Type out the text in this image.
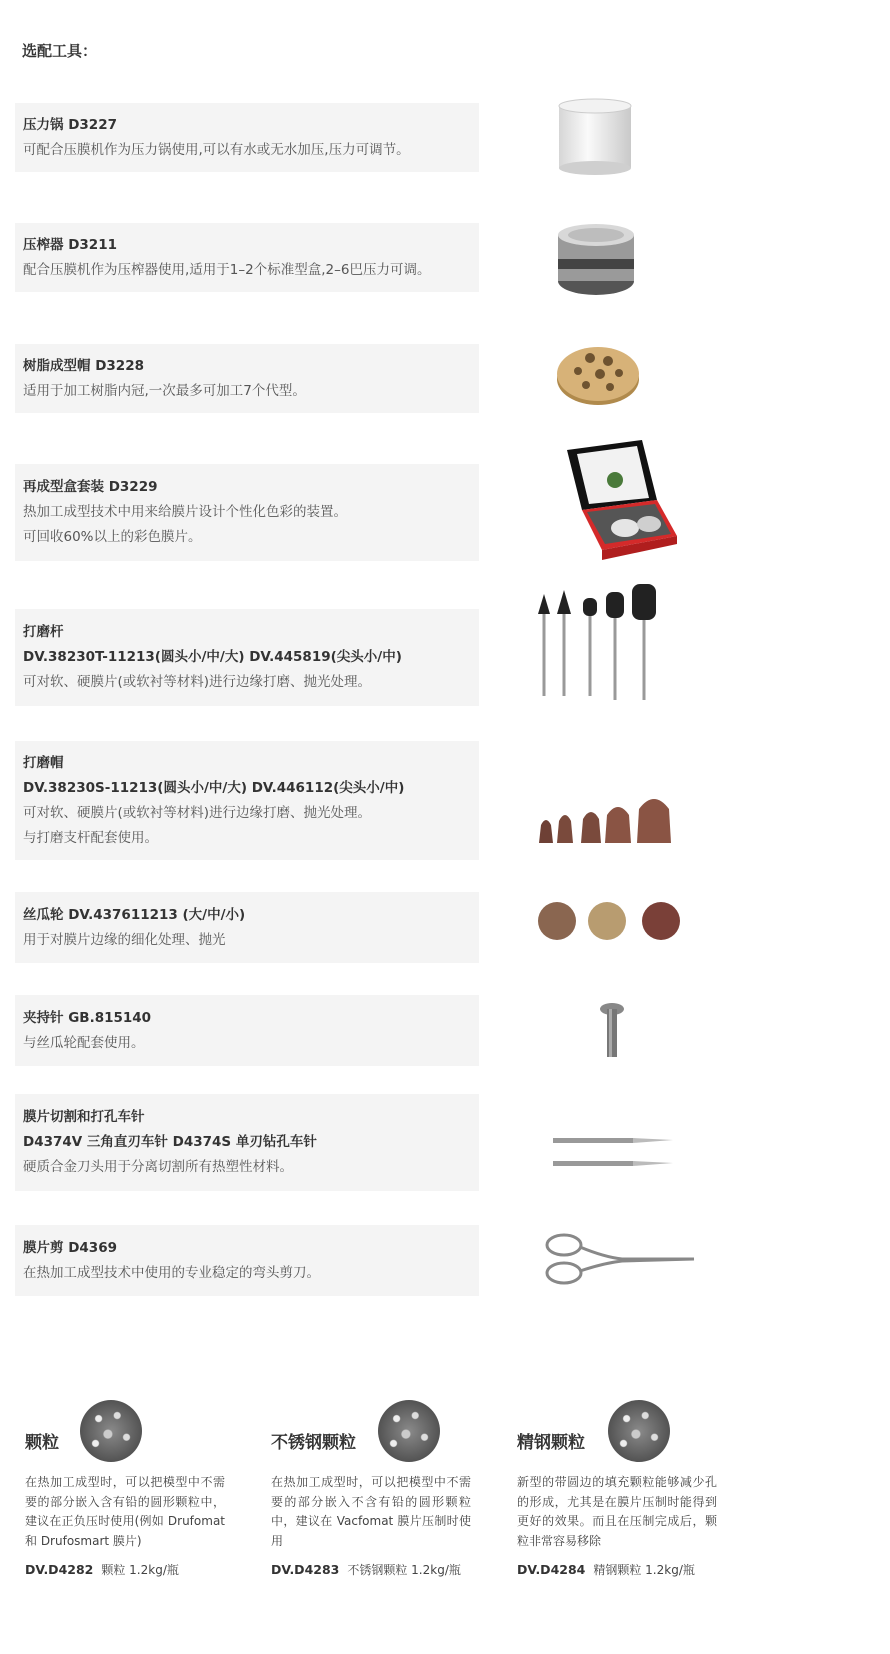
选配工具：
压力锅 D3227
可配合压膜机作为压力锅使用,可以有水或无水加压,压力可调节。
压榨器 D3211
配合压膜机作为压榨器使用,适用于1–2个标准型盒,2–6巴压力可调。
树脂成型帽 D3228
适用于加工树脂内冠,一次最多可加工7个代型。
再成型盒套装 D3229
热加工成型技术中用来给膜片设计个性化色彩的装置。
可回收60%以上的彩色膜片。
打磨杆
DV.38230T-11213(圆头小/中/大) DV.445819(尖头小/中)
可对软、硬膜片(或软衬等材料)进行边缘打磨、抛光处理。
打磨帽
DV.38230S-11213(圆头小/中/大) DV.446112(尖头小/中)
可对软、硬膜片(或软衬等材料)进行边缘打磨、抛光处理。
与打磨支杆配套使用。
丝瓜轮 DV.437611213 (大/中/小)
用于对膜片边缘的细化处理、抛光
夹持针 GB.815140
与丝瓜轮配套使用。
膜片切割和打孔车针
D4374V 三角直刃车针 D4374S 单刃钻孔车针
硬质合金刀头用于分离切割所有热塑性材料。
膜片剪 D4369
在热加工成型技术中使用的专业稳定的弯头剪刀。
颗粒
在热加工成型时，可以把模型中不需要的部分嵌入含有铅的圆形颗粒中，建议在正负压时使用(例如 Drufomat 和 Drufosmart 膜片)
DV.D4282 颗粒 1.2kg/瓶
不锈钢颗粒
在热加工成型时，可以把模型中不需要的部分嵌入不含有铅的圆形颗粒中，建议在 Vacfomat 膜片压制时使用
DV.D4283 不锈钢颗粒 1.2kg/瓶
精钢颗粒
新型的带圆边的填充颗粒能够减少孔的形成，尤其是在膜片压制时能得到更好的效果。而且在压制完成后，颗粒非常容易移除
DV.D4284 精钢颗粒 1.2kg/瓶
